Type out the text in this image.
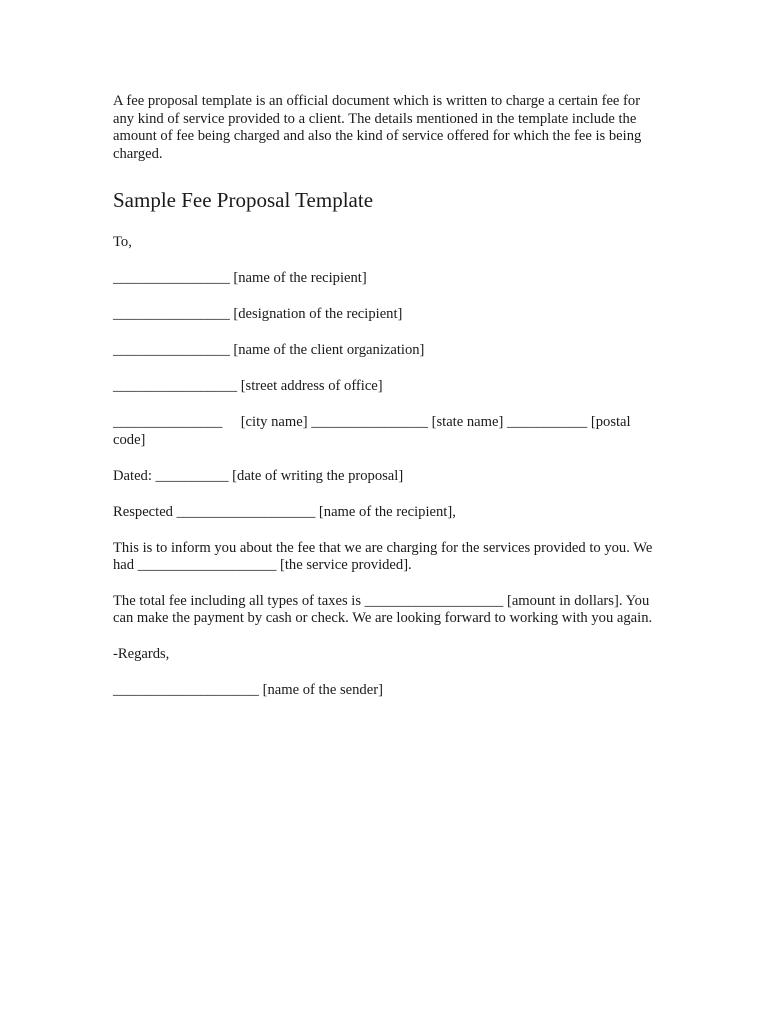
A fee proposal template is an official document which is written to charge a certain fee for any kind of service provided to a client. The details mentioned in the template include the amount of fee being charged and also the kind of service offered for which the fee is being charged.

Sample Fee Proposal Template

To,

________________ [name of the recipient]

________________ [designation of the recipient]

________________ [name of the client organization]

_________________ [street address of office]

_______________     [city name] ________________ [state name] ___________ [postal code]

Dated: __________ [date of writing the proposal]

Respected ___________________ [name of the recipient],

This is to inform you about the fee that we are charging for the services provided to you. We had ___________________ [the service provided].

The total fee including all types of taxes is ___________________ [amount in dollars]. You can make the payment by cash or check. We are looking forward to working with you again.

-Regards,

____________________ [name of the sender]
